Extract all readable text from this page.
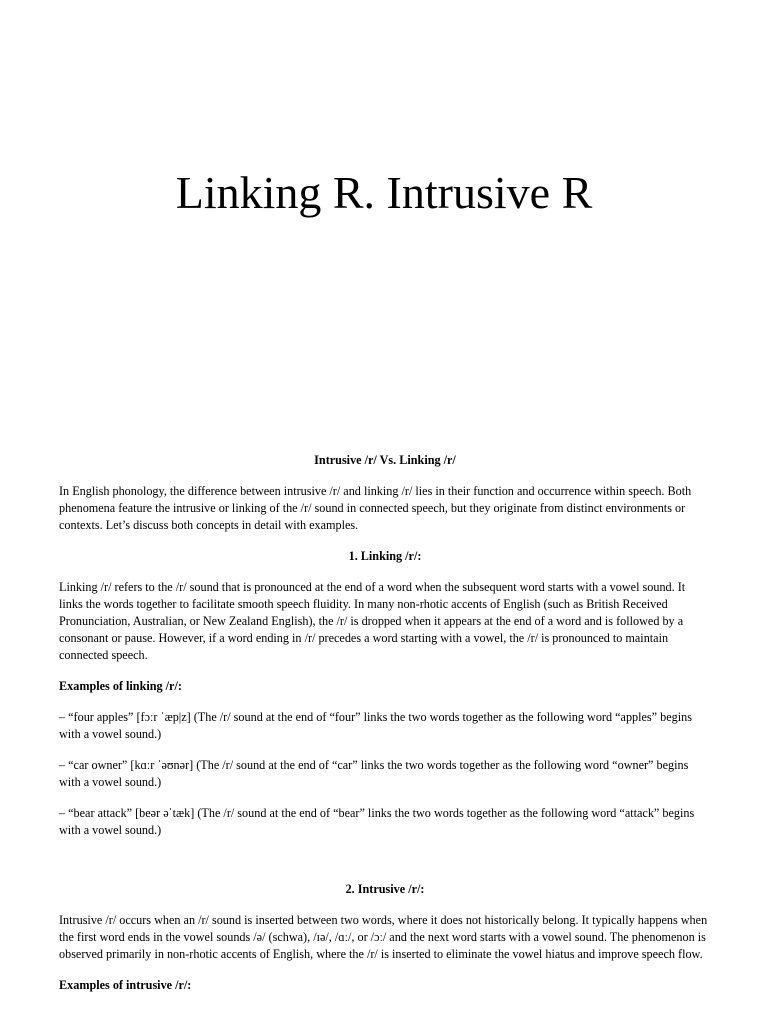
Linking R. Intrusive R

Intrusive /r/ Vs. Linking /r/

In English phonology, the difference between intrusive /r/ and linking /r/ lies in their function and occurrence within speech. Both phenomena feature the intrusive or linking of the /r/ sound in connected speech, but they originate from distinct environments or contexts. Let’s discuss both concepts in detail with examples.

1. Linking /r/:

Linking /r/ refers to the /r/ sound that is pronounced at the end of a word when the subsequent word starts with a vowel sound. It links the words together to facilitate smooth speech fluidity. In many non-rhotic accents of English (such as British Received Pronunciation, Australian, or New Zealand English), the /r/ is dropped when it appears at the end of a word and is followed by a consonant or pause. However, if a word ending in /r/ precedes a word starting with a vowel, the /r/ is pronounced to maintain connected speech.

Examples of linking /r/:

– “four apples” [fɔːr ˈæp|z] (The /r/ sound at the end of “four” links the two words together as the following word “apples” begins with a vowel sound.)

– “car owner” [kɑːr ˈəʊnər] (The /r/ sound at the end of “car” links the two words together as the following word “owner” begins with a vowel sound.)

– “bear attack” [beər əˈtæk] (The /r/ sound at the end of “bear” links the two words together as the following word “attack” begins with a vowel sound.)

2. Intrusive /r/:

Intrusive /r/ occurs when an /r/ sound is inserted between two words, where it does not historically belong. It typically happens when the first word ends in the vowel sounds /ə/ (schwa), /ɪə/, /ɑː/, or /ɔː/ and the next word starts with a vowel sound. The phenomenon is observed primarily in non-rhotic accents of English, where the /r/ is inserted to eliminate the vowel hiatus and improve speech flow.

Examples of intrusive /r/:
